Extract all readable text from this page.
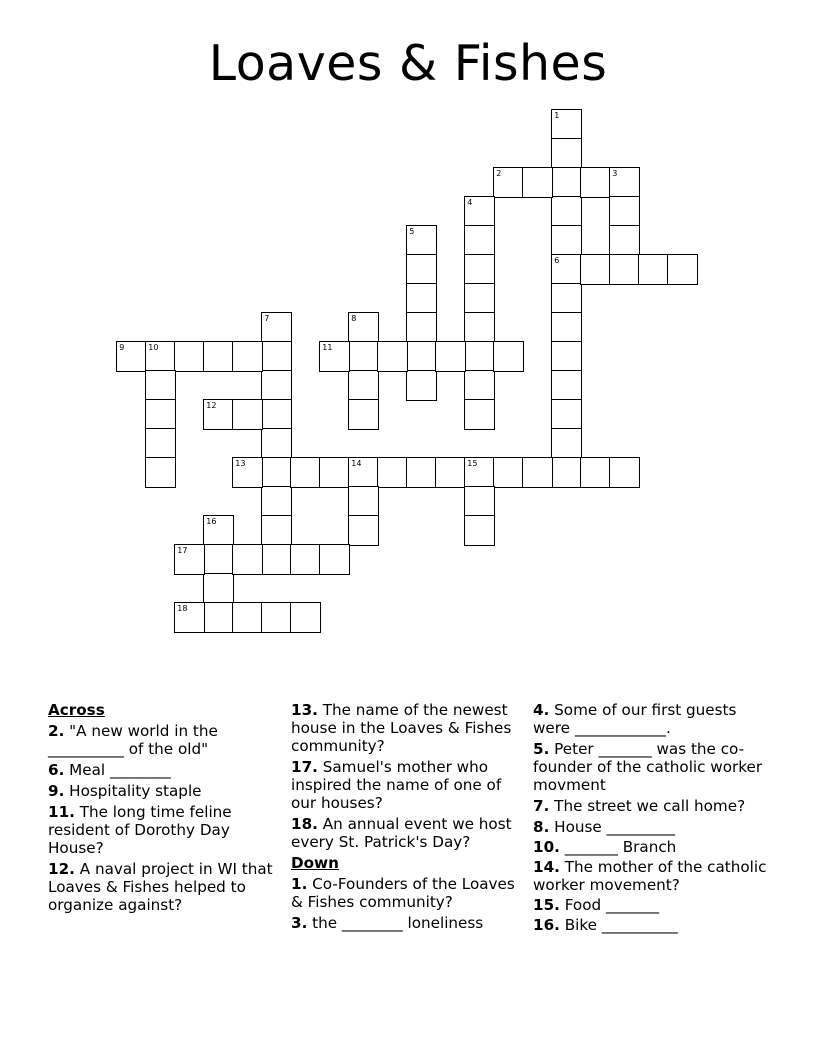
Loaves & Fishes
1
6
2	3
4
5
7	8
9	10	11
12
13	14	15
16
17
18
Across
2. "A new world in the __________ of the old"
6. Meal ________
9. Hospitality staple
11. The long time feline resident of Dorothy Day House?
12. A naval project in WI that Loaves & Fishes helped to organize against?
13. The name of the newest house in the Loaves & Fishes community?
17. Samuel's mother who inspired the name of one of our houses?
18. An annual event we host every St. Patrick's Day?
Down
1. Co-Founders of the Loaves & Fishes community?
3. the ________ loneliness
4. Some of our first guests were ____________.
5. Peter _______ was the co-founder of the catholic worker movment
7. The street we call home?
8. House _________
10. _______ Branch
14. The mother of the catholic worker movement?
15. Food _______
16. Bike __________
